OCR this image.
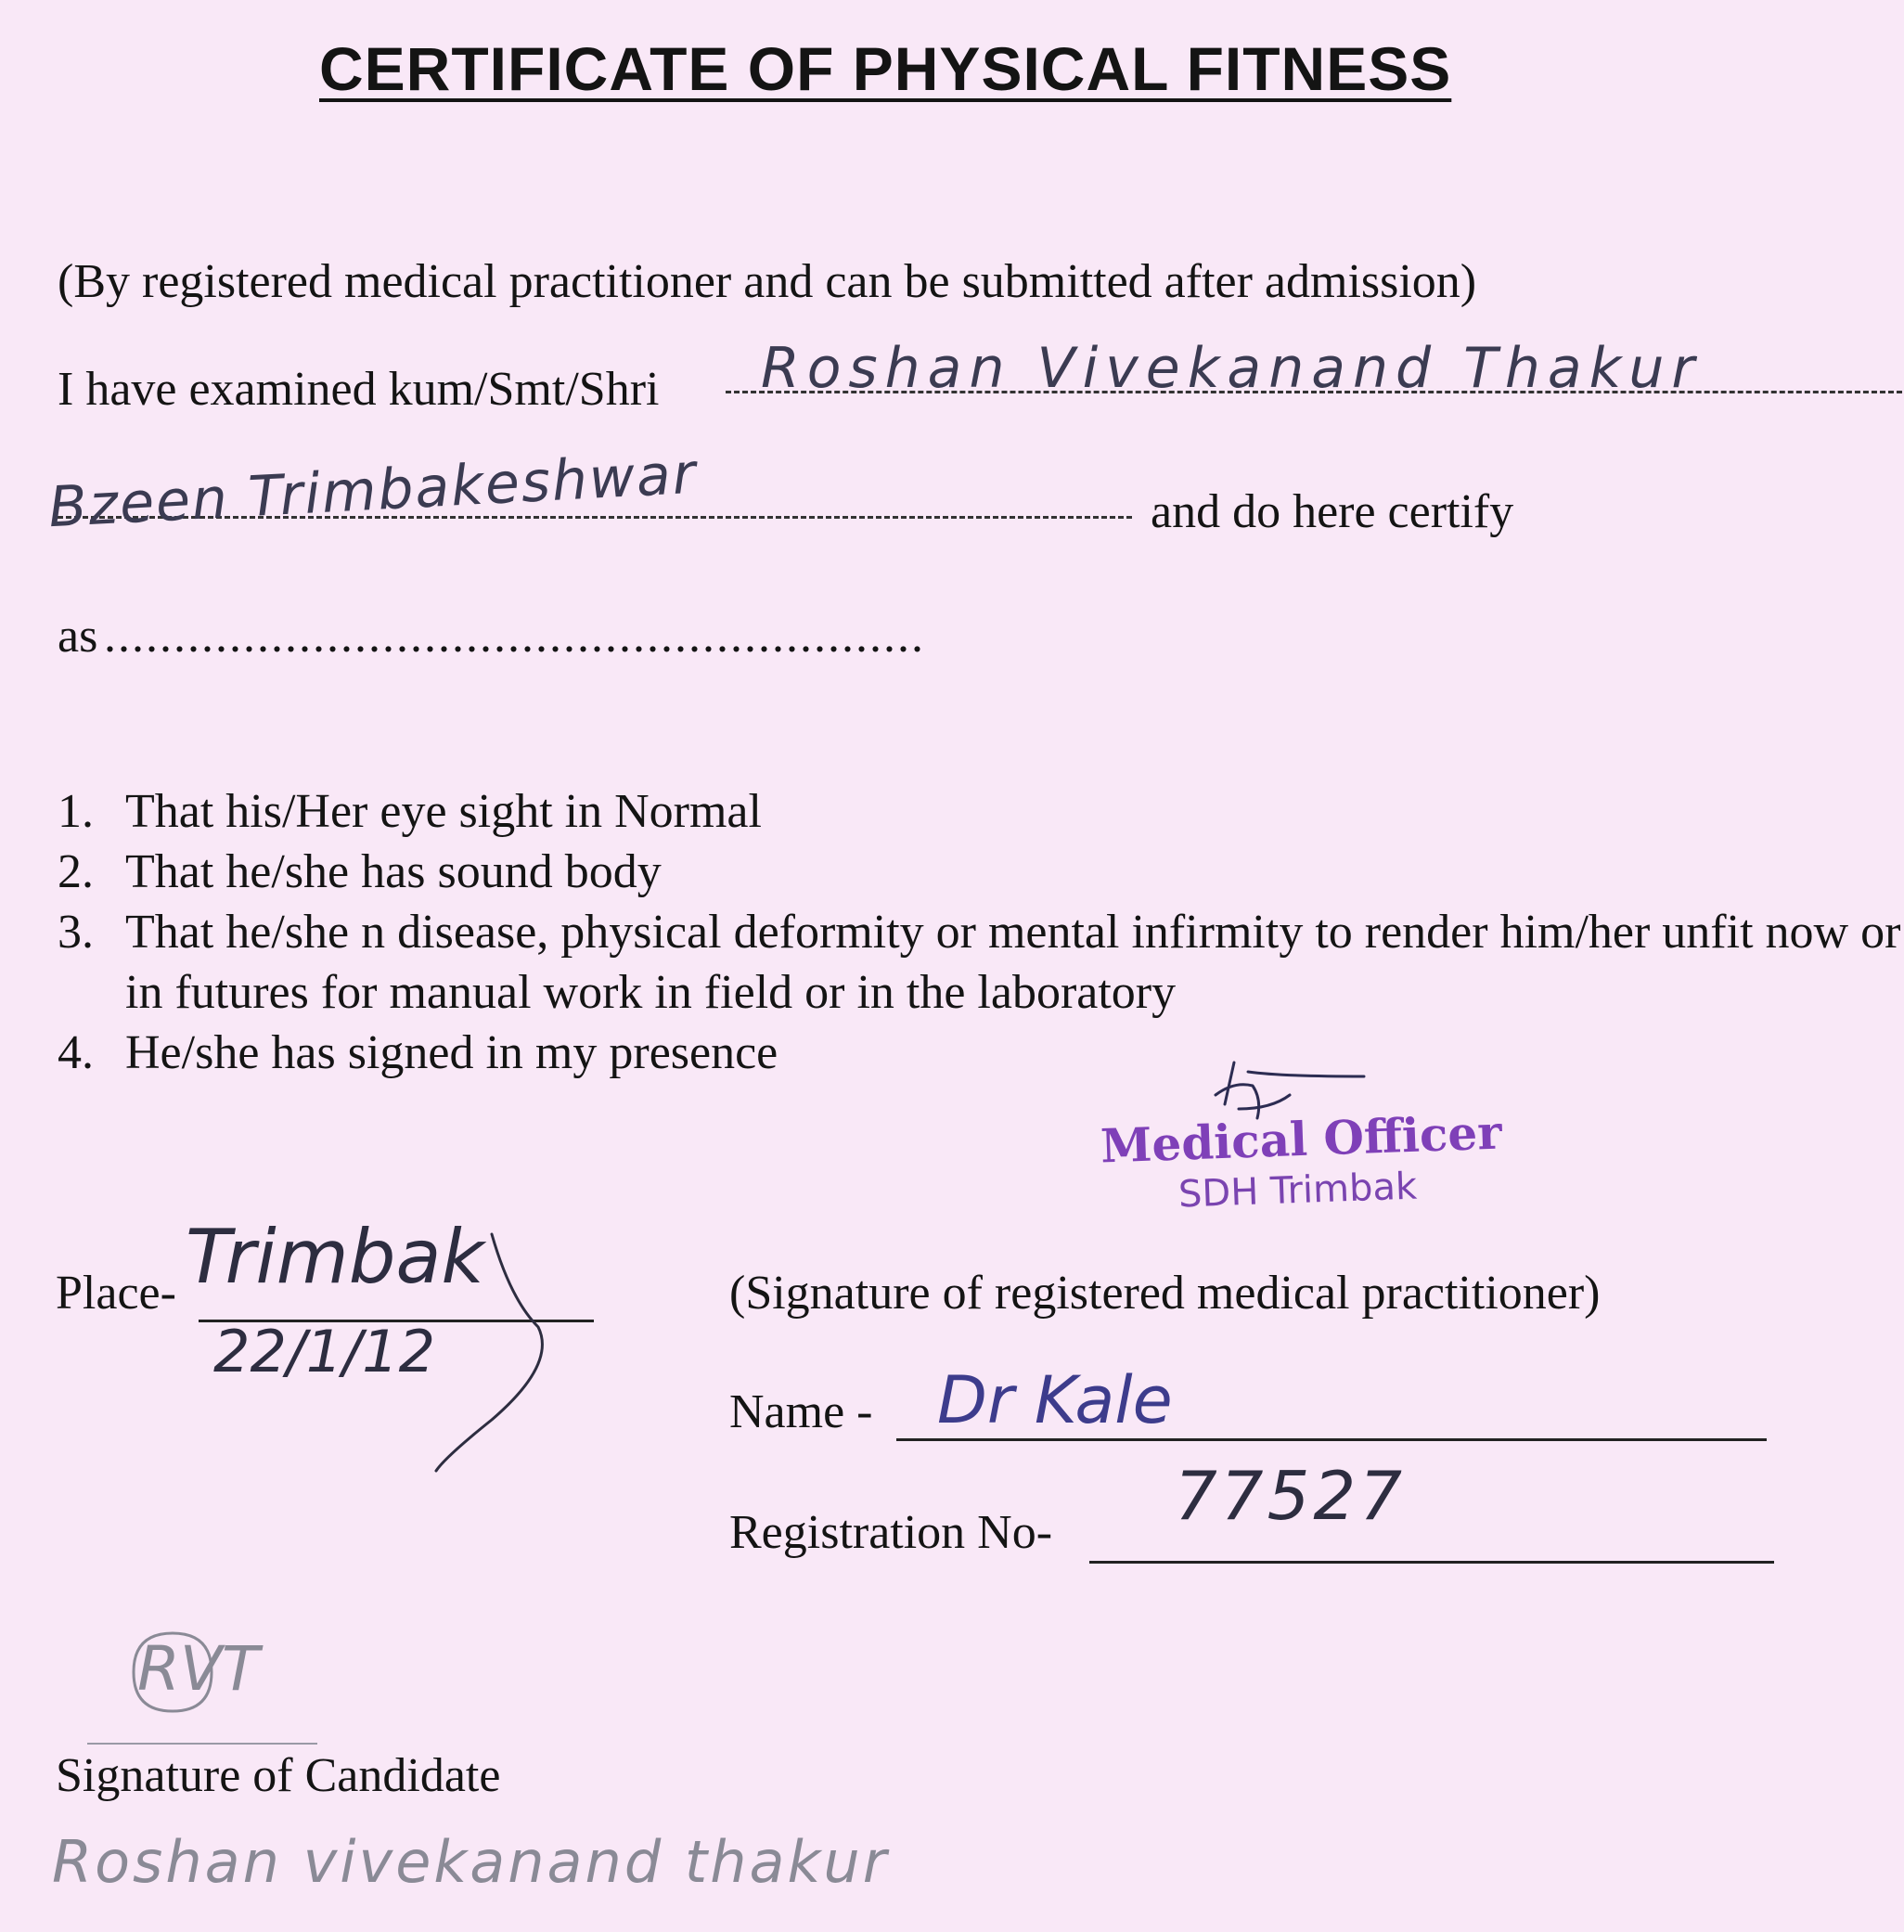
CERTIFICATE OF PHYSICAL FITNESS
(By registered medical practitioner and can be submitted after admission)
I have examined kum/Smt/Shri Roshan Vivekanand Thakur
Bzeen Trimbakeshwar	and do here certify
as ...........................................................
1. That his/Her eye sight in Normal
2. That he/she has sound body
3. That he/she n disease, physical deformity or mental infirmity to render him/her unfit now or in futures for manual work in field or in the laboratory
4. He/she has signed in my presence
Medical Officer
SDH Trimbak
Place- Trimbak
22/1/12
(Signature of registered medical practitioner)
Name - Dr Kale
Registration No- 77527
RVT
Signature of Candidate
Roshan vivekanand thakur
